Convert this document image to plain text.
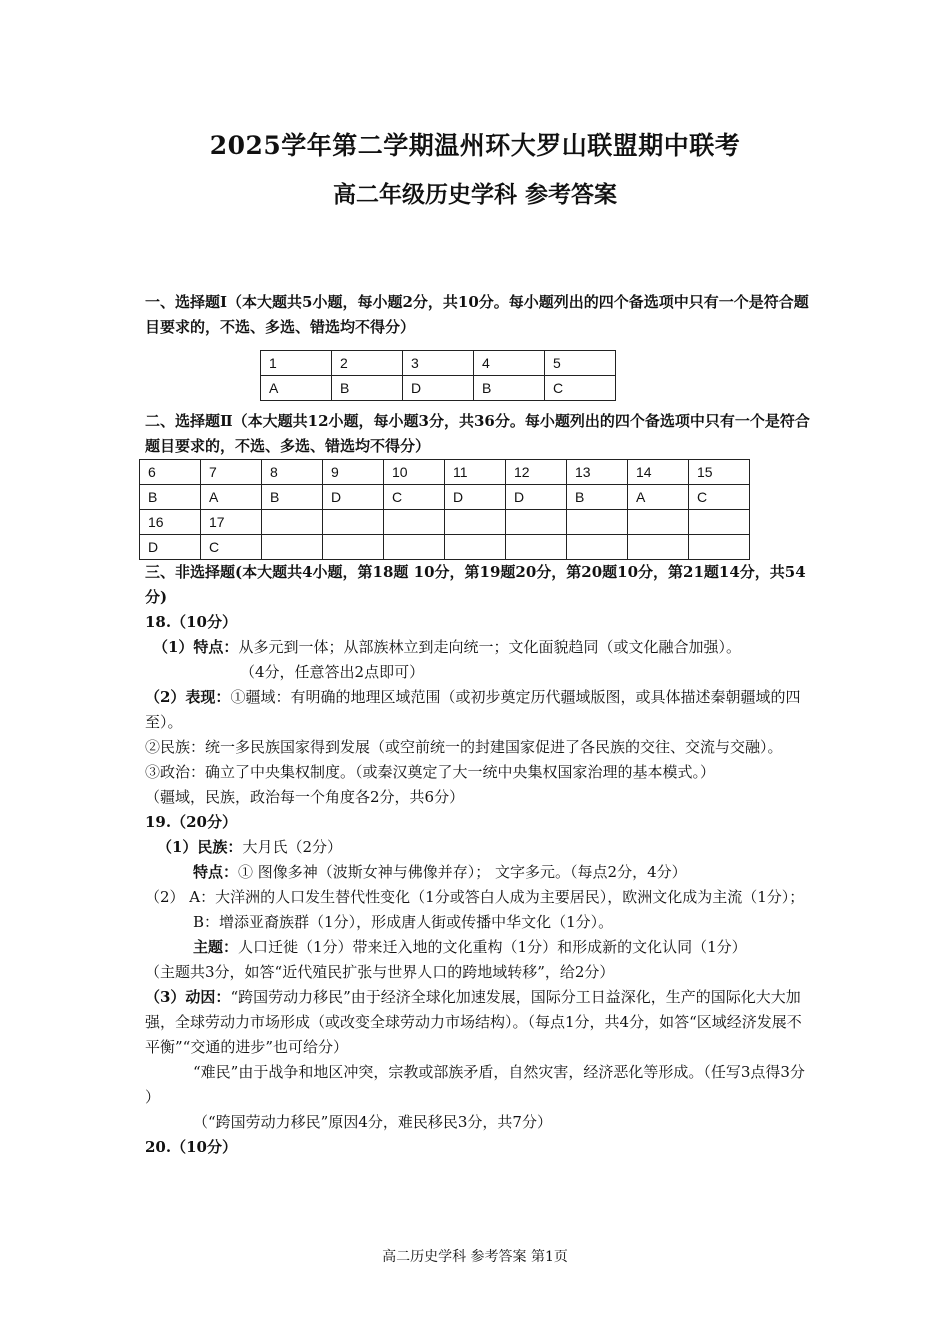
2025学年第二学期温州环大罗山联盟期中联考
高二年级历史学科 参考答案
一、选择题Ⅰ（本大题共5小题，每小题2分，共10分。每小题列出的四个备选项中只有一个是符合题目要求的，不选、多选、错选均不得分）
1	2	3	4	5
A	B	D	B	C
二、选择题Ⅱ（本大题共12小题，每小题3分，共36分。每小题列出的四个备选项中只有一个是符合题目要求的，不选、多选、错选均不得分）
6	7	8	9	10	11	12	13	14	15
B	A	B	D	C	D	D	B	A	C
16	17								
D	C								
三、非选择题(本大题共4小题，第18题 10分，第19题20分，第20题10分，第21题14分，共54分)
18.（10分）
（1）特点：从多元到一体；从部族林立到走向统一；文化面貌趋同（或文化融合加强）。
（4分，任意答出2点即可）
（2）表现：①疆域：有明确的地理区域范围（或初步奠定历代疆域版图，或具体描述秦朝疆域的四至）。
②民族：统一多民族国家得到发展（或空前统一的封建国家促进了各民族的交往、交流与交融）。
③政治：确立了中央集权制度。（或秦汉奠定了大一统中央集权国家治理的基本模式。）
（疆域，民族，政治每一个角度各2分，共6分）
19.（20分）
（1）民族：大月氏（2分）
特点：① 图像多神（波斯女神与佛像并存）； 文字多元。（每点2分，4分）
（2） A：大洋洲的人口发生替代性变化（1分或答白人成为主要居民），欧洲文化成为主流（1分）；
B：增添亚裔族群（1分），形成唐人街或传播中华文化（1分）。
主题：人口迁徙（1分）带来迁入地的文化重构（1分）和形成新的文化认同（1分）
（主题共3分，如答“近代殖民扩张与世界人口的跨地域转移”，给2分）
（3）动因：“跨国劳动力移民”由于经济全球化加速发展，国际分工日益深化，生产的国际化大大加强，全球劳动力市场形成（或改变全球劳动力市场结构）。（每点1分，共4分，如答“区域经济发展不平衡”“交通的进步”也可给分）
“难民”由于战争和地区冲突，宗教或部族矛盾，自然灾害，经济恶化等形成。（任写3点得3分 ）
（“跨国劳动力移民”原因4分，难民移民3分，共7分）
20.（10分）
高二历史学科 参考答案 第1页
